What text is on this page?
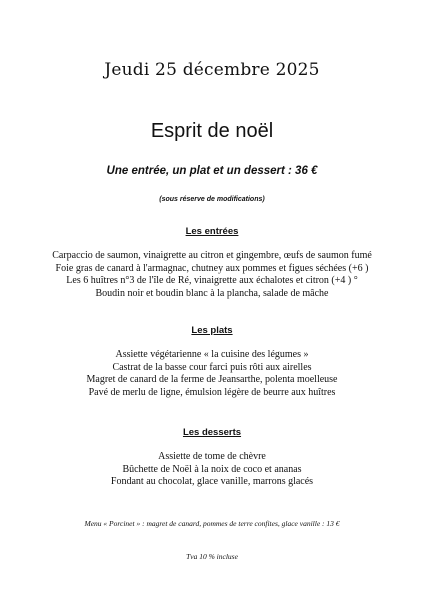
Jeudi 25 décembre 2025
Esprit de noël
Une entrée, un plat et un dessert : 36 €
(sous réserve de modifications)
Les entrées
Carpaccio de saumon, vinaigrette au citron et gingembre, œufs de saumon fumé
Foie gras de canard à l'armagnac, chutney aux pommes et figues séchées (+6 )
Les 6 huîtres n°3 de l'île de Ré, vinaigrette aux échalotes et citron (+4 ) °
Boudin noir et boudin blanc à la plancha, salade de mâche
Les plats
Assiette végétarienne « la cuisine des légumes »
Castrat de la basse cour farci puis rôti aux airelles
Magret de canard de la ferme de Jeansarthe, polenta moelleuse
Pavé de merlu de ligne, émulsion légère de beurre aux huîtres
Les desserts
Assiette de tome de chèvre
Bûchette de Noël à la noix de coco et ananas
Fondant au chocolat, glace vanille, marrons glacés
Menu « Porcinet » : magret de canard, pommes de terre confites, glace vanille : 13 €
Tva 10 % incluse
